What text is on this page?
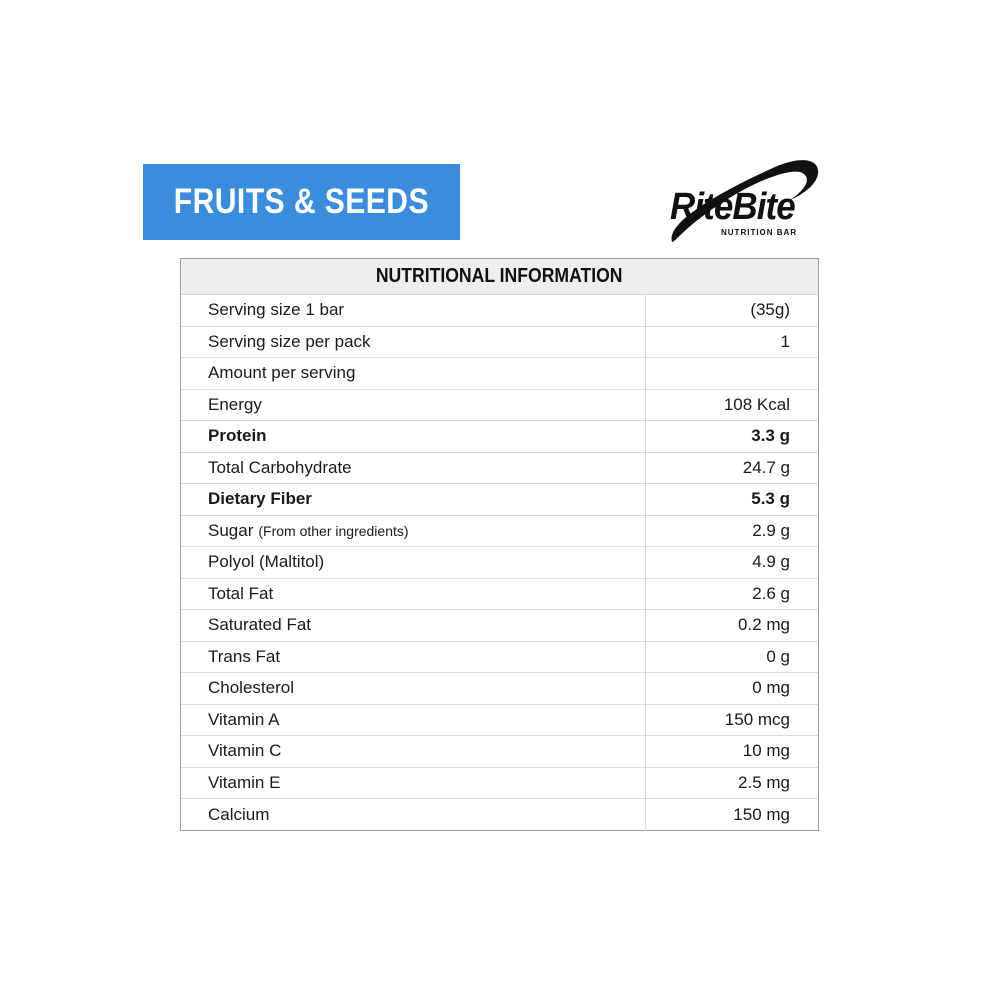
FRUITS & SEEDS	RiteBite
NUTRITION BAR
NUTRITIONAL INFORMATION
Serving size 1 bar	(35g)
Serving size per pack	1
Amount per serving
Energy	108 Kcal
Protein	3.3 g
Total Carbohydrate	24.7 g
Dietary Fiber	5.3 g
Sugar (From other ingredients)	2.9 g
Polyol (Maltitol)	4.9 g
Total Fat	2.6 g
Saturated Fat	0.2 mg
Trans Fat	0 g
Cholesterol	0 mg
Vitamin A	150 mcg
Vitamin C	10 mg
Vitamin E	2.5 mg
Calcium	150 mg
